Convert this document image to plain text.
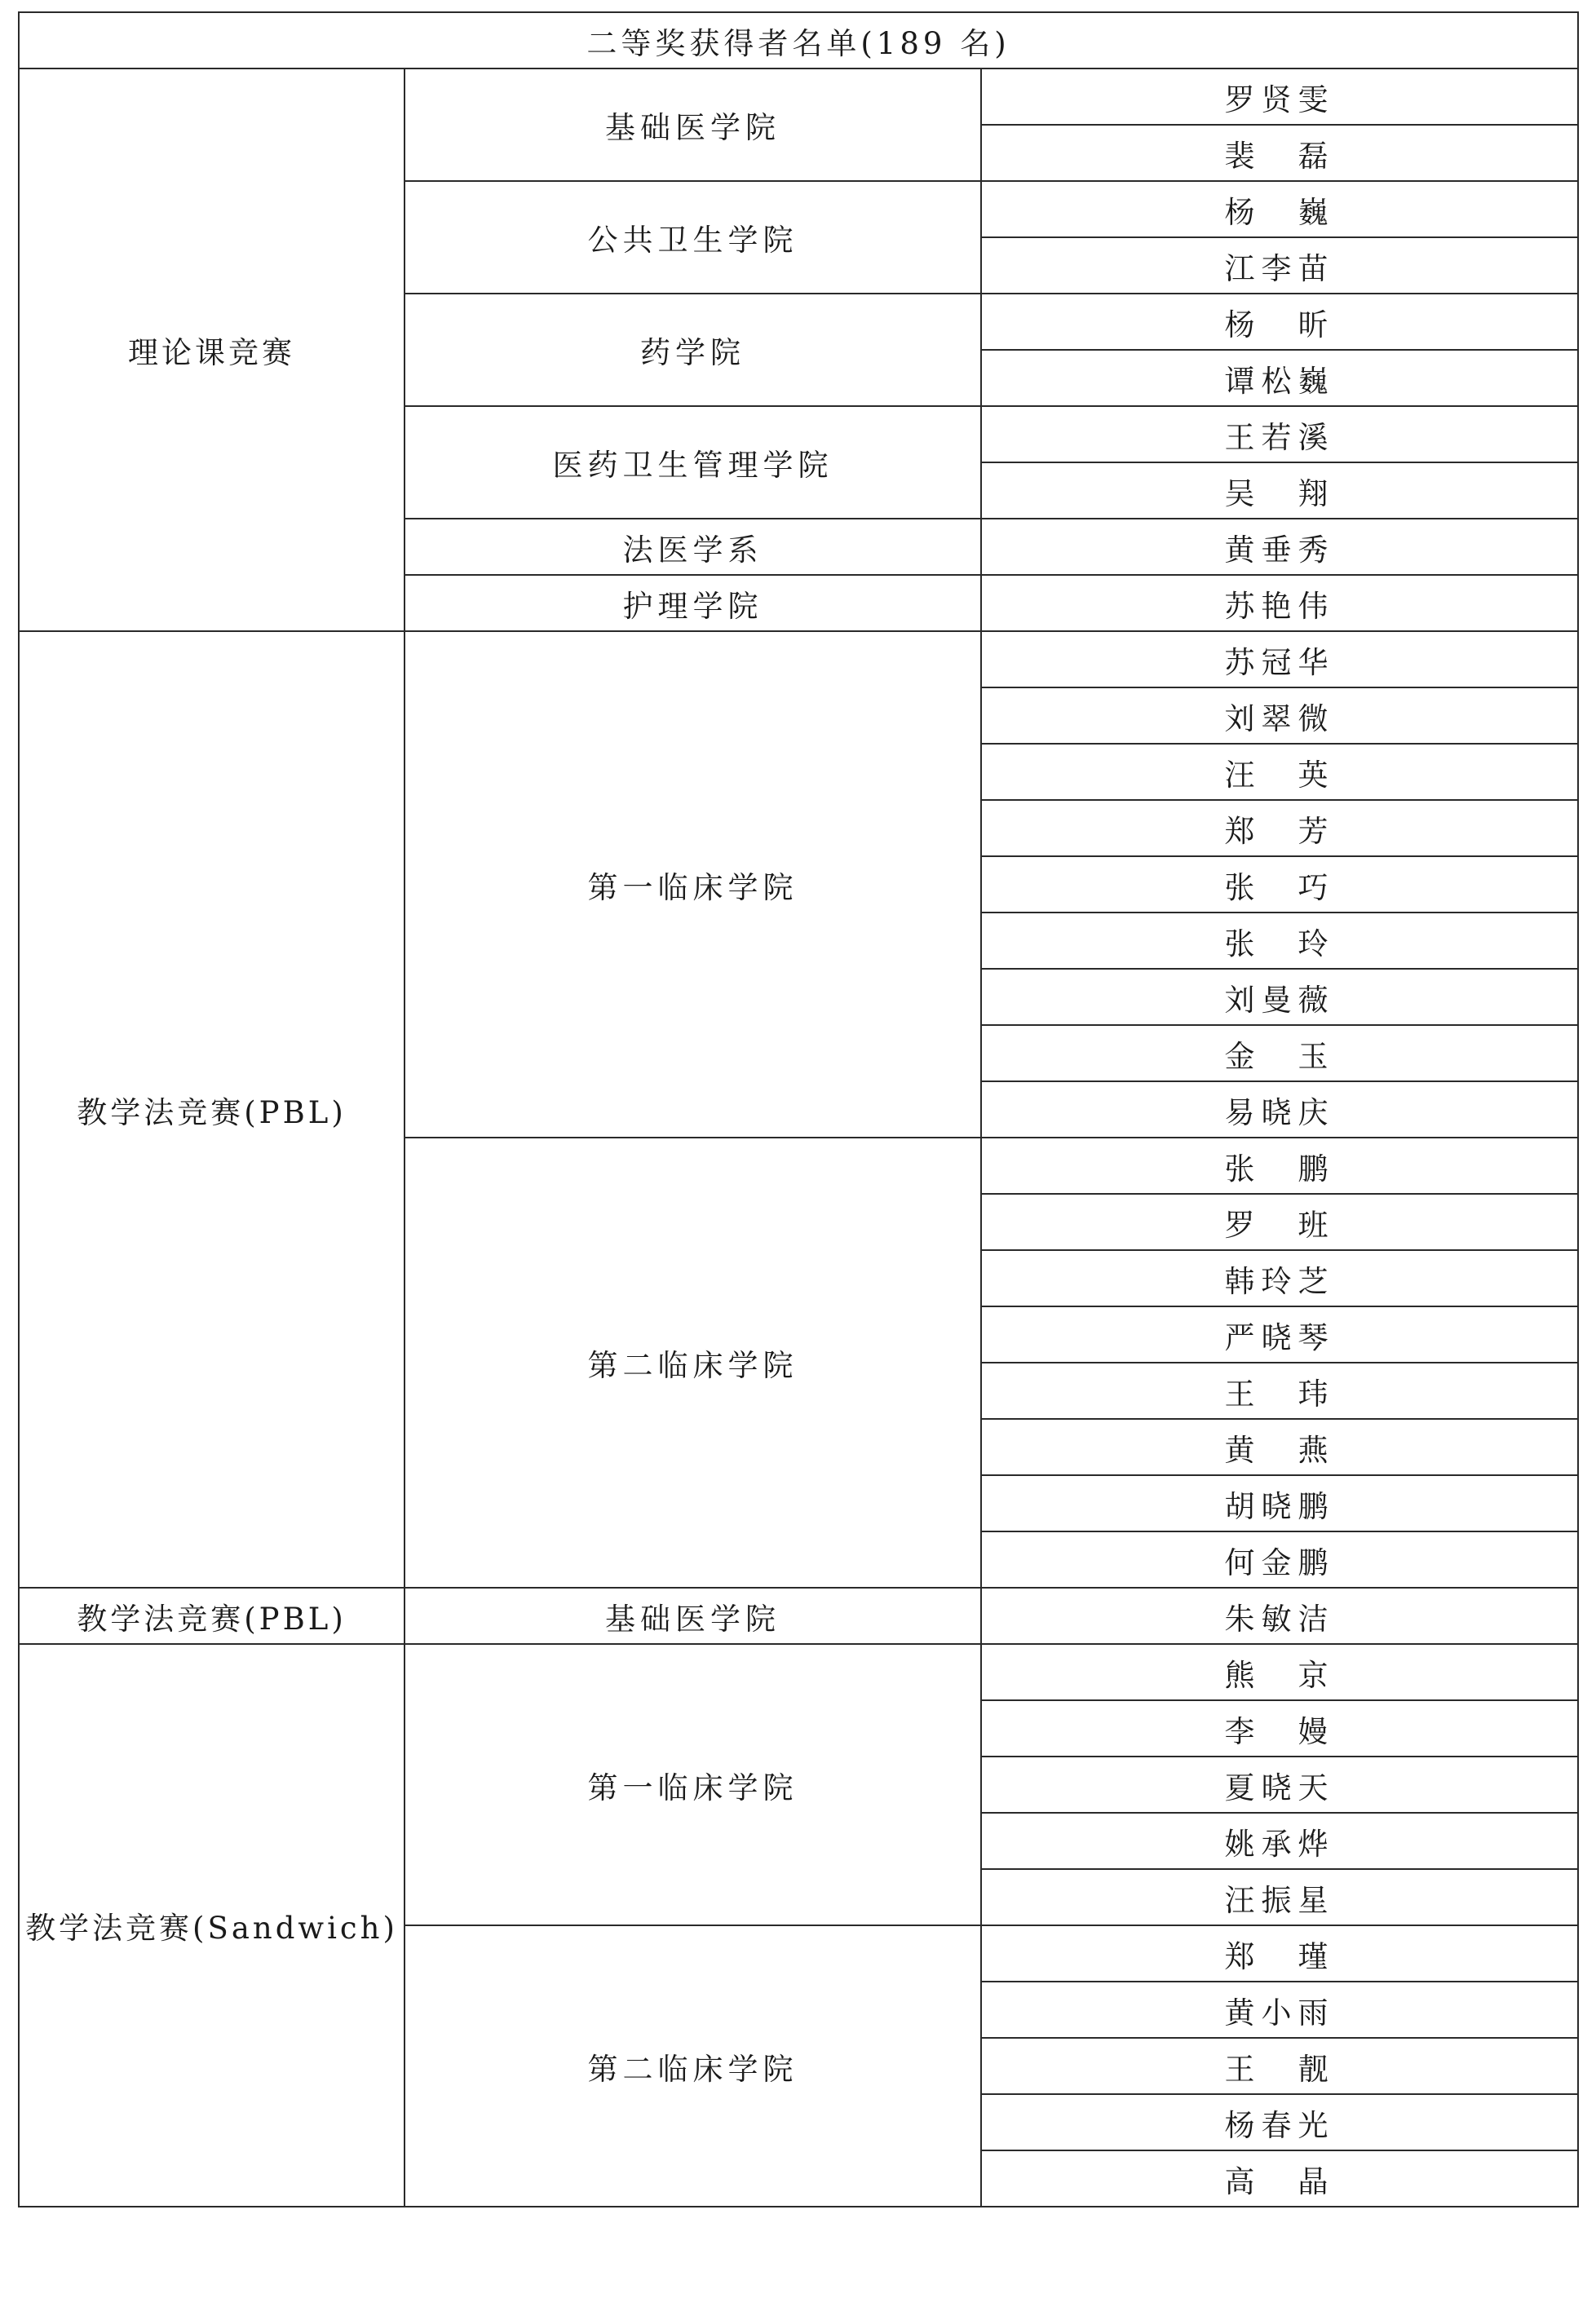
二等奖获得者名单(189 名)		
理论课竞赛	基础医学院	罗贤雯
		裴　磊
	公共卫生学院	杨　巍
		江李苗
	药学院	杨　昕
		谭松巍
	医药卫生管理学院	王若溪
		吴　翔
	法医学系	黄垂秀
	护理学院	苏艳伟
教学法竞赛(PBL)	第一临床学院	苏冠华
		刘翠微
		汪　英
		郑　芳
		张　巧
		张　玲
		刘曼薇
		金　玉
		易晓庆
	第二临床学院	张　鹏
		罗　班
		韩玲芝
		严晓琴
		王　玮
		黄　燕
		胡晓鹏
		何金鹏
教学法竞赛(PBL)	基础医学院	朱敏洁
教学法竞赛(Sandwich)	第一临床学院	熊　京
		李　嫚
		夏晓天
		姚承烨
		汪振星
	第二临床学院	郑　瑾
		黄小雨
		王　靓
		杨春光
		高　晶
